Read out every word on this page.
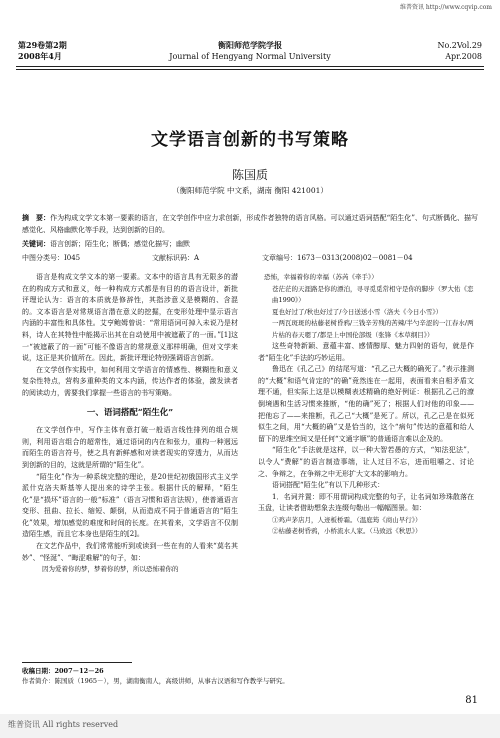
维普资讯 http://www.cqvip.com
第29卷第2期
2008年4月
衡阳师范学院学报
Journal of Hengyang Normal University
No.2Vol.29
Apr.2008
文学语言创新的书写策略
陈国质
（衡阳师范学院 中文系，湖南 衡阳 421001）
摘　要：作为构成文学文本第一要素的语言，在文学创作中应力求创新，形成作者独特的语言风格。可以通过语词搭配“陌生化”、句式断偶化、描写感觉化、风格幽默化等手段，达到创新的目的。
关键词：语言创新；陌生化；断偶；感觉化描写；幽默
中图分类号：I045	文献标识码：A	文章编号：1673－0313(2008)02－0081－04

语言是构成文学文本的第一要素。文本中的语言具有无限多的潜在的构成方式和意义，每一种构成方式都是有目的的语言设计，新批评理论认为：语言的本质就是修辞性，其指涉意义是模糊的、含混的。文本语言是对常规语言潜在意义的挖掘，在变形处理中显示语言内涵的丰富性和具体性。艾亨鲍姆曾说：“常用语词可掉入未说乃是材料，诗人在其特性中能揭示出其在自动使用中被遮蔽了的一面。”[1]这一“被遮蔽了的一面”可能不像语言的常规意义那样明确，但对文学来说，这正是其价值所在。因此，新批评理论特别强调语言创新。

在文学创作实践中，如何利用文学语言的情感性、模糊性和意义复杂性特点，营构多重种类的文本内涵，传达作者的体验，激发读者的阅读动力，需要我们掌握一些语言的书写策略。

一、语词搭配“陌生化”

在文学创作中，写作主体有意打破一般语言线性排列的组合规则，利用语言组合的超常性，通过语词的内在和张力，重构一种迥远而陌生的语言符号，使之具有新鲜感和对读者现实的穿透力，从而达到创新的目的，这就是所谓的“陌生化”。

“陌生化”作为一种系统完整的理论，是20世纪初俄国形式主义学派什克洛夫斯基等人提出来的诗学主张。根据什氏的解释，“陌生化”是“损坏”语言的一般“标准”（语言习惯和语言法规），使普通语言变形、扭曲、拉长、缩短、颠倒，从而造成不同于普通语言的“陌生化”效果，增加感觉的难度和时间的长度。在其看来，文学语言不仅制造陌生感，而且它本身也是陌生的[2]。

在文艺作品中，我们常常能听到或读到一些在有的人看来“莫名其妙”、“怪涎”、“晦涩难解”的句子，如：

因为爱着你的梦，梦着你的梦，所以恐怖着你的
恐怖，幸福着你的幸福（苏芮《牵手》）
苍茫茫的天涯路是你的漂泊，寻寻觅觅常相守是你的脚步（罗大佑《恋曲1990》）
夏也好过了/秋也好过了/今日送送小雪（洛夫《今日小雪》）
一两瓦斑斑的枯藤老树昏鸦/三钱辛芳残的苦辣/半勺辛涩的一江春水/两片枯的春天嗯了/都是上中国伦部级（张锋《本草纲目》）

这些奇特新颖、意蕴丰富、感情醇厚、魅力四射的语句，就是作者“陌生化”手法的巧妙运用。

鲁迅在《孔乙己》的结尾写道：“孔乙己大概的确死了。”表示推测的“大概”和语气肯定的“的确”竟然连在一起用，表面看来自相矛盾文理不通，但实际上这是以模糊表述精确的绝好例证：根据孔乙己的潦倒境遇和生活习惯来推断，“他的确”死了；根据人们对他的印象——把他忘了——来推断，孔乙己“大概”是死了。所以，孔乙己是在似死似生之间，用“大概的确”又是恰当的，这个“病句”传达的意蕴和给人留下的思维空间又是任何“文通字顺”的普通语言难以企及的。

“陌生化”手法就是这样，以一种大智若愚的方式，“知法犯法”，以令人“费解”的语言制造事端，让人过目不忘，进而咀嚼之、讨论之、争辩之，在争辩之中无形扩大文本的影响力。

语词搭配“陌生化”有以下几种形式：

1．名词并置：即不用谓词构成完整的句子，让名词如珍珠散落在玉盘，让读者借助想象去连缀句勒出一幅幅图景。如：

①鸡声茅店月，人迹板桥霜。（温庭筠《商山早行》）
②枯藤老树昏鸦，小桥流水人家。（马致远《秋思》）
收稿日期：2007－12－26
作者简介：陈国质（1965－），男，湖南衡南人，高级讲师，从事古汉语和写作教学与研究。
81
维普资讯 All rights reserved
